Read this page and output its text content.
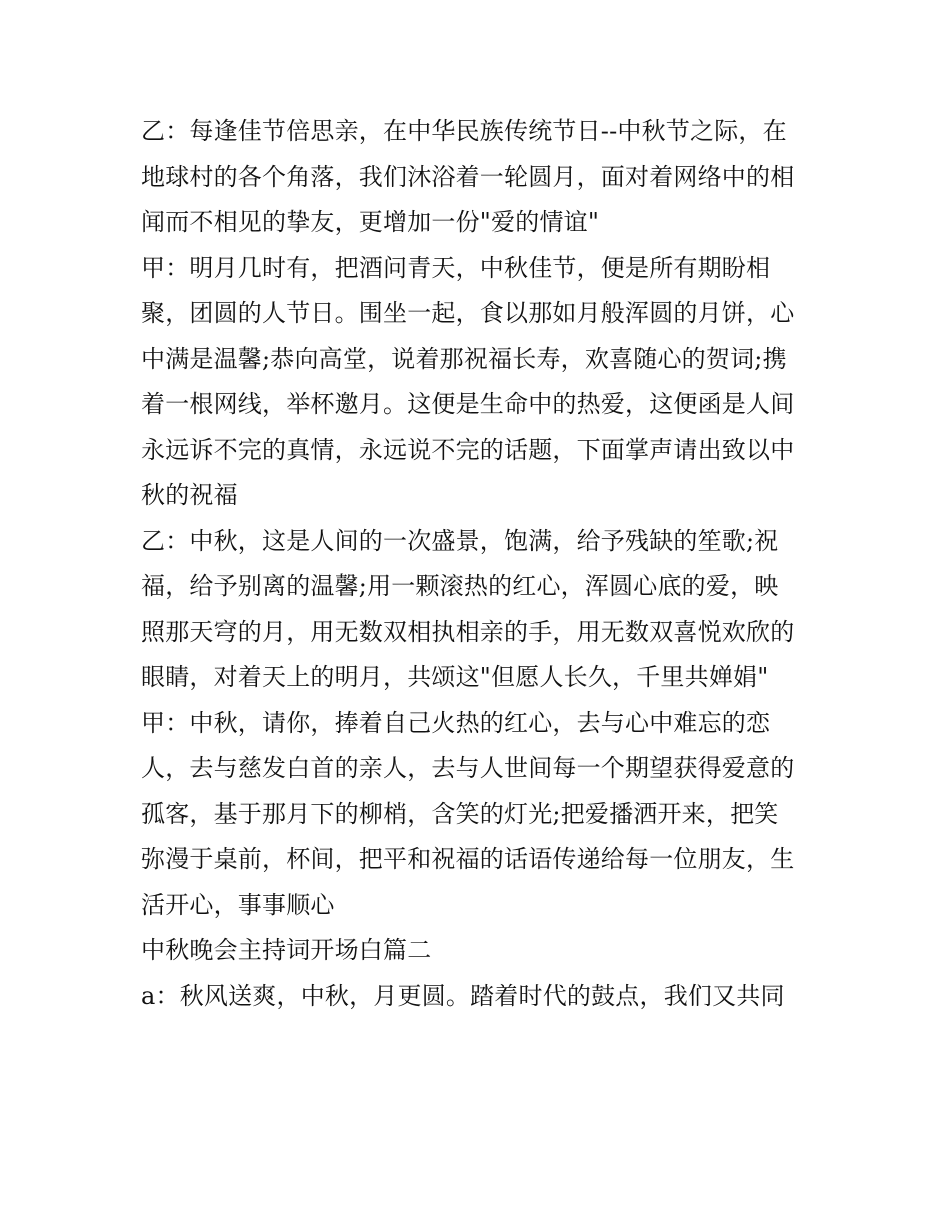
乙：每逢佳节倍思亲，在中华民族传统节日--中秋节之际，在
地球村的各个角落，我们沐浴着一轮圆月，面对着网络中的相
闻而不相见的挚友，更增加一份"爱的情谊"
甲：明月几时有，把酒问青天，中秋佳节，便是所有期盼相
聚，团圆的人节日。围坐一起，食以那如月般浑圆的月饼，心
中满是温馨;恭向高堂，说着那祝福长寿，欢喜随心的贺词;携
着一根网线，举杯邀月。这便是生命中的热爱，这便函是人间
永远诉不完的真情，永远说不完的话题，下面掌声请出致以中
秋的祝福
乙：中秋，这是人间的一次盛景，饱满，给予残缺的笙歌;祝
福，给予别离的温馨;用一颗滚热的红心，浑圆心底的爱，映
照那天穹的月，用无数双相执相亲的手，用无数双喜悦欢欣的
眼睛，对着天上的明月，共颂这"但愿人长久，千里共婵娟"
甲：中秋，请你，捧着自己火热的红心，去与心中难忘的恋
人，去与慈发白首的亲人，去与人世间每一个期望获得爱意的
孤客，基于那月下的柳梢，含笑的灯光;把爱播洒开来，把笑
弥漫于桌前，杯间，把平和祝福的话语传递给每一位朋友，生
活开心，事事顺心
中秋晚会主持词开场白篇二
a：秋风送爽，中秋，月更圆。踏着时代的鼓点，我们又共同
